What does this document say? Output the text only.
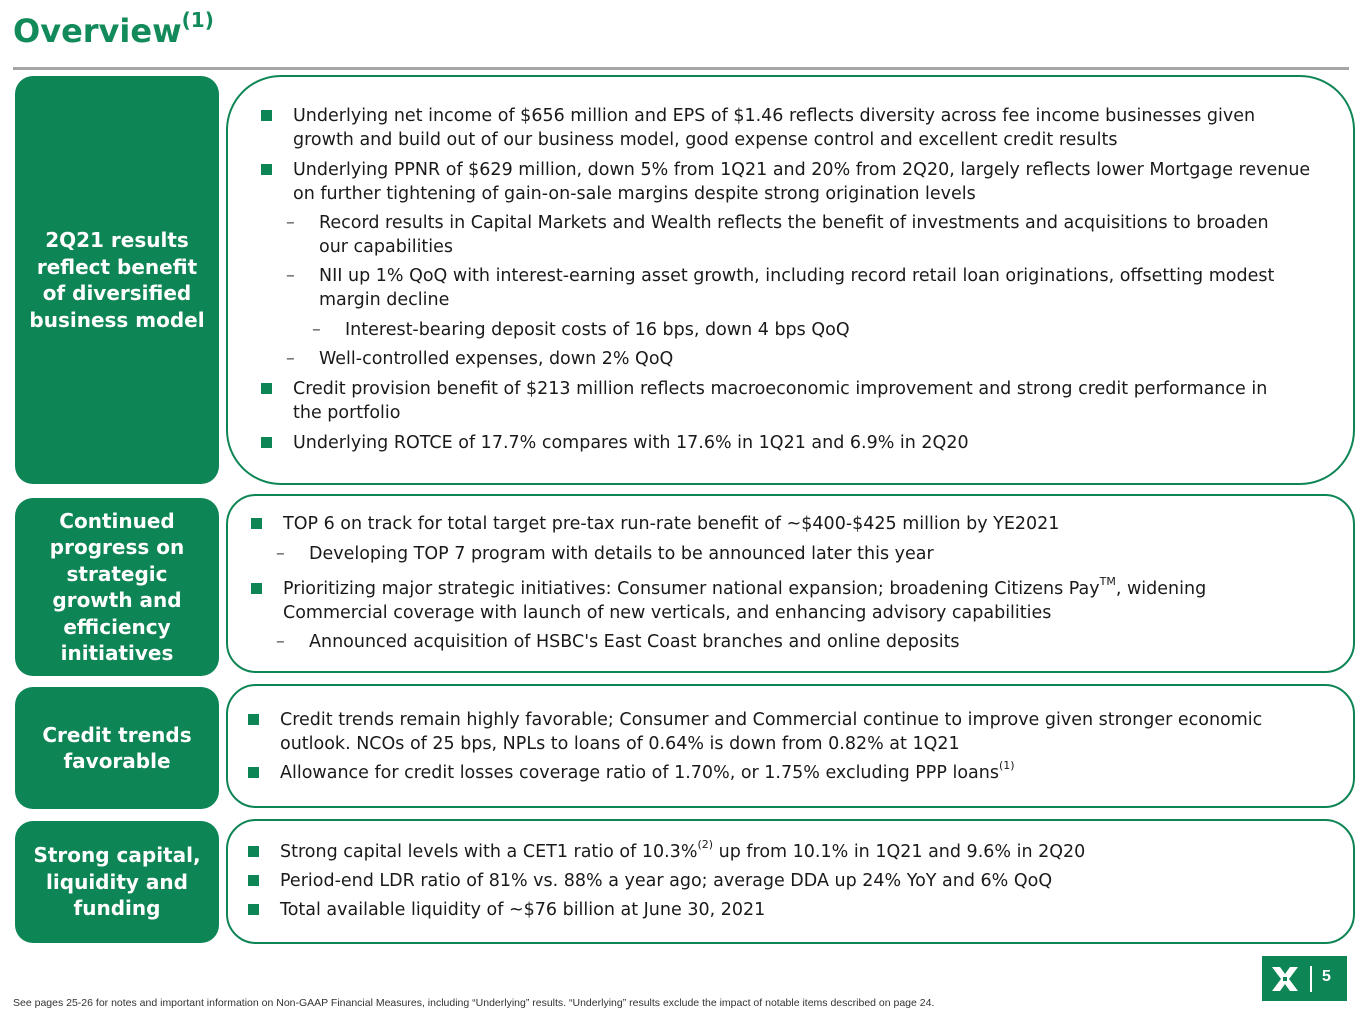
Overview$^{(1)}$
2Q21 results reflect benefit of diversified business model
Underlying net income of $656 million and EPS of $1.46 reflects diversity across fee income businesses given
growth and build out of our business model, good expense control and excellent credit results
Underlying PPNR of $629 million, down 5% from 1Q21 and 20% from 2Q20, largely reflects lower Mortgage revenue
on further tightening of gain-on-sale margins despite strong origination levels
– Record results in Capital Markets and Wealth reflects the benefit of investments and acquisitions to broaden
our capabilities
– NII up 1% QoQ with interest-earning asset growth, including record retail loan originations, offsetting modest
margin decline
– Interest-bearing deposit costs of 16 bps, down 4 bps QoQ
– Well-controlled expenses, down 2% QoQ
Credit provision benefit of $213 million reflects macroeconomic improvement and strong credit performance in
the portfolio
Underlying ROTCE of 17.7% compares with 17.6% in 1Q21 and 6.9% in 2Q20
Continued progress on strategic growth and efficiency initiatives
TOP 6 on track for total target pre-tax run-rate benefit of ~$400-$425 million by YE2021
– Developing TOP 7 program with details to be announced later this year
Prioritizing major strategic initiatives: Consumer national expansion; broadening Citizens Pay™, widening
Commercial coverage with launch of new verticals, and enhancing advisory capabilities
– Announced acquisition of HSBC's East Coast branches and online deposits
Credit trends favorable
Credit trends remain highly favorable; Consumer and Commercial continue to improve given stronger economic
outlook. NCOs of 25 bps, NPLs to loans of 0.64% is down from 0.82% at 1Q21
Allowance for credit losses coverage ratio of 1.70%, or 1.75% excluding PPP loans$^{(1)}$
Strong capital, liquidity and funding
Strong capital levels with a CET1 ratio of 10.3%$^{(2)}$ up from 10.1% in 1Q21 and 9.6% in 2Q20
Period-end LDR ratio of 81% vs. 88% a year ago; average DDA up 24% YoY and 6% QoQ
Total available liquidity of ~$76 billion at June 30, 2021
5
See pages 25-26 for notes and important information on Non-GAAP Financial Measures, including “Underlying” results. “Underlying” results exclude the impact of notable items described on page 24.
